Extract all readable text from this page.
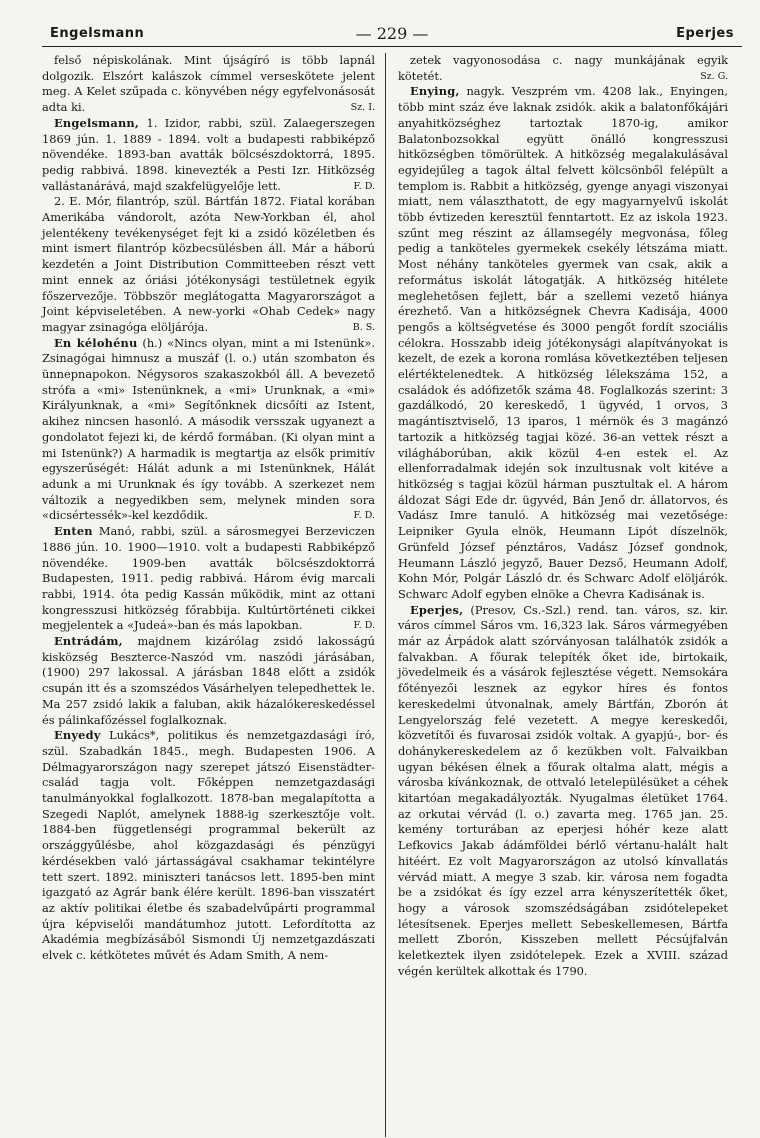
Engelsmann	— 229 —	Eperjes

felső népiskolának. Mint újságíró is több lapnál dolgozik. Elszórt kalászok címmel verseskötete jelent meg. A Kelet szűpada c. könyvében négy egyfelvonásosát adta ki.	Sz. I.

Engelsmann, 1. Izidor, rabbi, szül. Zalaegerszegen 1869 jún. 1. 1889 - 1894. volt a budapesti rabbiképző növendéke. 1893-ban avatták bölcsészdoktorrá, 1895. pedig rabbivá. 1898. kinevezték a Pesti Izr. Hitközség vallástanárává, majd szakfelügyelője lett.	F. D.

2. E. Mór, filantróp, szül. Bártfán 1872. Fiatal korában Amerikába vándorolt, azóta New-Yorkban él, ahol jelentékeny tevékenységet fejt ki a zsidó közéletben és mint ismert filantróp közbecsülésben áll. Már a háború kezdetén a Joint Distribution Committeeben részt vett mint ennek az óriási jótékonysági testületnek egyik főszervezője. Többször meglátogatta Magyarországot a Joint képviseletében. A new-yorki «Ohab Cedek» nagy magyar zsinagóga elöljárója.	B. S.

En kélohénu (h.) «Nincs olyan, mint a mi Istenünk». Zsinagógai himnusz a muszáf (l. o.) után szombaton és ünnepnapokon. Négysoros szakaszokból áll. A bevezető strófa a «mi» Istenünknek, a «mi» Urunknak, a «mi» Királyunknak, a «mi» Segítőnknek dicsőíti az Istent, akihez nincsen hasonló. A második versszak ugyanezt a gondolatot fejezi ki, de kérdő formában. (Ki olyan mint a mi Istenünk?) A harmadik is megtartja az elsők primitív egyszerűségét: Hálát adunk a mi Istenünknek, Hálát adunk a mi Urunknak és így tovább. A szerkezet nem változik a negyedikben sem, melynek minden sora «dicsértessék»-kel kezdődik.	F. D.

Enten Manó, rabbi, szül. a sárosmegyei Berzeviczen 1886 jún. 10. 1900—1910. volt a budapesti Rabbiképző növendéke. 1909-ben avatták bölcsészdoktorrá Budapesten, 1911. pedig rabbivá. Három évig marcali rabbi, 1914. óta pedig Kassán működik, mint az ottani kongresszusi hitközség főrabbija. Kultúrtörténeti cikkei megjelentek a «Judeá»-ban és más lapokban.	F. D.

Entrádám, majdnem kizárólag zsidó lakosságú kisközség Beszterce-Naszód vm. naszódi járásában, (1900) 297 lakossal. A járásban 1848 előtt a zsidók csupán itt és a szomszédos Vásárhelyen telepedhettek le. Ma 257 zsidó lakik a faluban, akik házalókereskedéssel és pálinkafőzéssel foglalkoznak.

Enyedy Lukács*, politikus és nemzetgazdasági író, szül. Szabadkán 1845., megh. Budapesten 1906. A Délmagyarországon nagy szerepet játszó Eisenstädter-család tagja volt. Főképpen nemzetgazdasági tanulmányokkal foglalkozott. 1878-ban megalapította a Szegedi Naplót, amelynek 1888-ig szerkesztője volt. 1884-ben függetlenségi programmal bekerült az országgyűlésbe, ahol közgazdasági és pénzügyi kérdésekben való jártasságával csakhamar tekintélyre tett szert. 1892. miniszteri tanácsos lett. 1895-ben mint igazgató az Agrár bank élére került. 1896-ban visszatért az aktív politikai életbe és szabadelvűpárti programmal újra képviselői mandátumhoz jutott. Lefordította az Akadémia megbízásából Sismondi Új nemzetgazdászati elvek c. kétkötetes művét és Adam Smith, A nem-

zetek vagyonosodása c. nagy munkájának egyik kötetét.	Sz. G.

Enying, nagyk. Veszprém vm. 4208 lak., Enyingen, több mint száz éve laknak zsidók. akik a balatonfőkájári anyahitközséghez tartoztak 1870-ig, amikor Balatonbozsokkal együtt önálló kongresszusi hitközségben tömörültek. A hitközség megalakulásával egyidejűleg a tagok által felvett kölcsönből felépült a templom is. Rabbit a hitközség, gyenge anyagi viszonyai miatt, nem választhatott, de egy magyarnyelvű iskolát több évtizeden keresztül fenntartott. Ez az iskola 1923. szűnt meg részint az államsegély megvonása, főleg pedig a tanköteles gyermekek csekély létszáma miatt. Most néhány tanköteles gyermek van csak, akik a református iskolát látogatják. A hitközség hitélete meglehetősen fejlett, bár a szellemi vezető hiánya érezhető. Van a hitközségnek Chevra Kadisája, 4000 pengős a költségvetése és 3000 pengőt fordít szociális célokra. Hosszabb ideig jótékonysági alapítványokat is kezelt, de ezek a korona romlása következtében teljesen elértéktelenedtek. A hitközség lélekszáma 152, a családok és adófizetők száma 48. Foglalkozás szerint: 3 gazdálkodó, 20 kereskedő, 1 ügyvéd, 1 orvos, 3 magántisztviselő, 13 iparos, 1 mérnök és 3 magánzó tartozik a hitközség tagjai közé. 36-an vettek részt a világháborúban, akik közül 4-en estek el. Az ellenforradalmak idején sok inzultusnak volt kitéve a hitközség s tagjai közül hárman pusztultak el. A három áldozat Sági Ede dr. ügyvéd, Bán Jenő dr. állatorvos, és Vadász Imre tanuló. A hitközség mai vezetősége: Leipniker Gyula elnök, Heumann Lipót díszelnök, Grünfeld József pénztáros, Vadász József gondnok, Heumann László jegyző, Bauer Dezső, Heumann Adolf, Kohn Mór, Polgár László dr. és Schwarc Adolf elöljárók. Schwarc Adolf egyben elnöke a Chevra Kadisának is.

Eperjes, (Presov, Cs.-Szl.) rend. tan. város, sz. kir. város címmel Sáros vm. 16,323 lak. Sáros vármegyében már az Árpádok alatt szórványosan találhatók zsidók a falvakban. A főurak telepíték őket ide, birtokaik, jövedelmeik és a vásárok fejlesztése végett. Nemsokára főtényezői lesznek az egykor híres és fontos kereskedelmi útvonalnak, amely Bártfán, Zborón át Lengyelország felé vezetett. A megye kereskedői, közvetítői és fuvarosai zsidók voltak. A gyapjú-, bor- és dohánykereskedelem az ő kezükben volt. Falvaikban ugyan békésen élnek a főurak oltalma alatt, mégis a városba kívánkoznak, de ottvaló letelepülésüket a céhek kitartóan megakadályozták. Nyugalmas életüket 1764. az orkutai vérvád (l. o.) zavarta meg. 1765 jan. 25. kemény torturában az eperjesi hóhér keze alatt Lefkovics Jakab ádámföldei bérlő vértanu-halált halt hitéért. Ez volt Magyarországon az utolsó kínvallatás vérvád miatt. A megye 3 szab. kir. városa nem fogadta be a zsidókat és így ezzel arra kényszerítették őket, hogy a városok szomszédságában zsidótelepeket létesítsenek. Eperjes mellett Sebeskellemesen, Bártfa mellett Zborón, Kisszeben mellett Pécsújfalván keletkeztek ilyen zsidótelepek. Ezek a XVIII. század végén kerültek alkottak és 1790.
